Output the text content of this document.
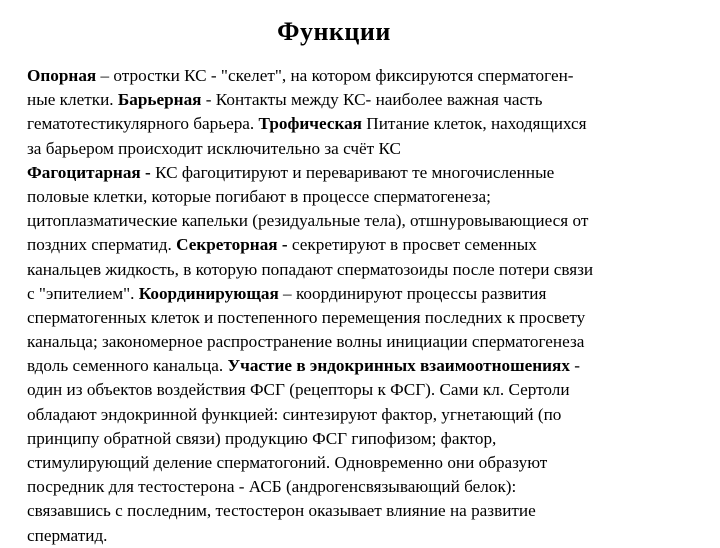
Функции
Опорная – отростки КС - "скелет", на котором фиксируются сперматоген-
ные клетки. Барьерная - Контакты между КС- наиболее важная часть
гематотестикулярного барьера. Трофическая Питание клеток, находящихся
за барьером происходит исключительно за счёт КС
Фагоцитарная - КС фагоцитируют и переваривают те многочисленные
половые клетки, которые погибают в процессе сперматогенеза;
цитоплазматические капельки (резидуальные тела), отшнуровывающиеся от
поздних сперматид. Секреторная - секретируют в просвет семенных
канальцев жидкость, в которую попадают сперматозоиды после потери связи
с "эпителием". Координирующая – координируют процессы развития
сперматогенных клеток и постепенного перемещения последних к просвету
канальца; закономерное распространение волны инициации сперматогенеза
вдоль семенного канальца. Участие в эндокринных взаимоотношениях -
один из объектов воздействия ФСГ (рецепторы к ФСГ). Сами кл. Сертоли
обладают эндокринной функцией: синтезируют фактор, угнетающий (по
принципу обратной связи) продукцию ФСГ гипофизом; фактор,
стимулирующий деление сперматогоний. Одновременно они образуют
посредник для тестостерона - АСБ (андрогенсвязывающий белок):
связавшись с последним, тестостерон оказывает влияние на развитие
сперматид.
